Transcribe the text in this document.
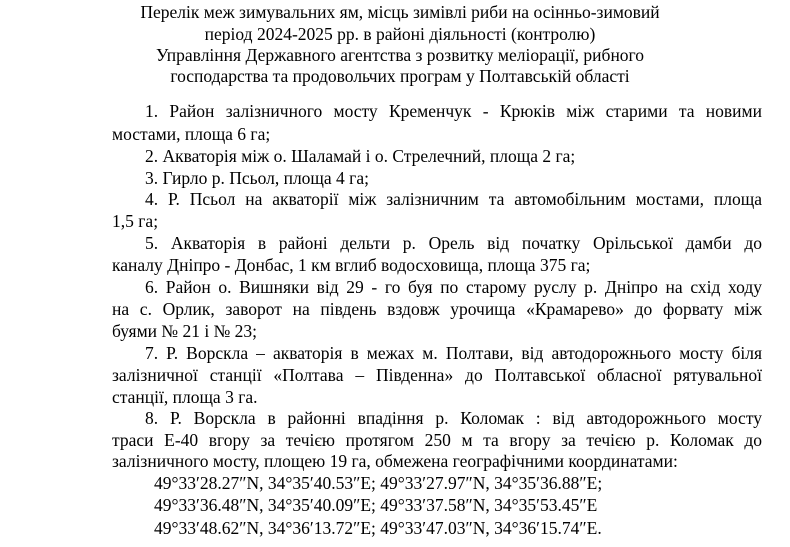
Перелік меж зимувальних ям, місць зимівлі риби на осінньо-зимовий
період 2024-2025 рр. в районі діяльності (контролю)
Управління Державного агентства з розвитку меліорації, рибного
господарства та продовольчих програм у Полтавській області
1. Район залізничного мосту Кременчук - Крюків між старими та новими
мостами, площа 6 га;
2. Акваторія між о. Шаламай і о. Стрелечний, площа 2 га;
3. Гирло р. Псьол, площа 4 га;
4. Р. Псьол на акваторії між залізничним та автомобільним мостами, площа
1,5 га;
5. Акваторія в районі дельти р. Орель від початку Орільської дамби до
каналу Дніпро - Донбас, 1 км вглиб водосховища, площа 375 га;
6. Район о. Вишняки від 29 - го буя по старому руслу р. Дніпро на схід ходу
на с. Орлик, заворот на південь вздовж урочища «Крамарево» до форвату між
буями № 21 і № 23;
7. Р. Ворскла – акваторія в межах м. Полтави, від автодорожнього мосту біля
залізничної станції «Полтава – Південна» до Полтавської обласної рятувальної
станції, площа 3 га.
8. Р. Ворскла в районні впадіння р. Коломак : від автодорожнього мосту
траси Е-40 вгору за течією протягом 250 м та вгору за течією р. Коломак до
залізничного мосту, площею 19 га, обмежена географічними координатами:
49°33′28.27″N, 34°35′40.53″E; 49°33′27.97″N, 34°35′36.88″E;
49°33′36.48″N, 34°35′40.09″E; 49°33′37.58″N, 34°35′53.45″E
49°33′48.62″N, 34°36′13.72″E; 49°33′47.03″N, 34°36′15.74″E.
